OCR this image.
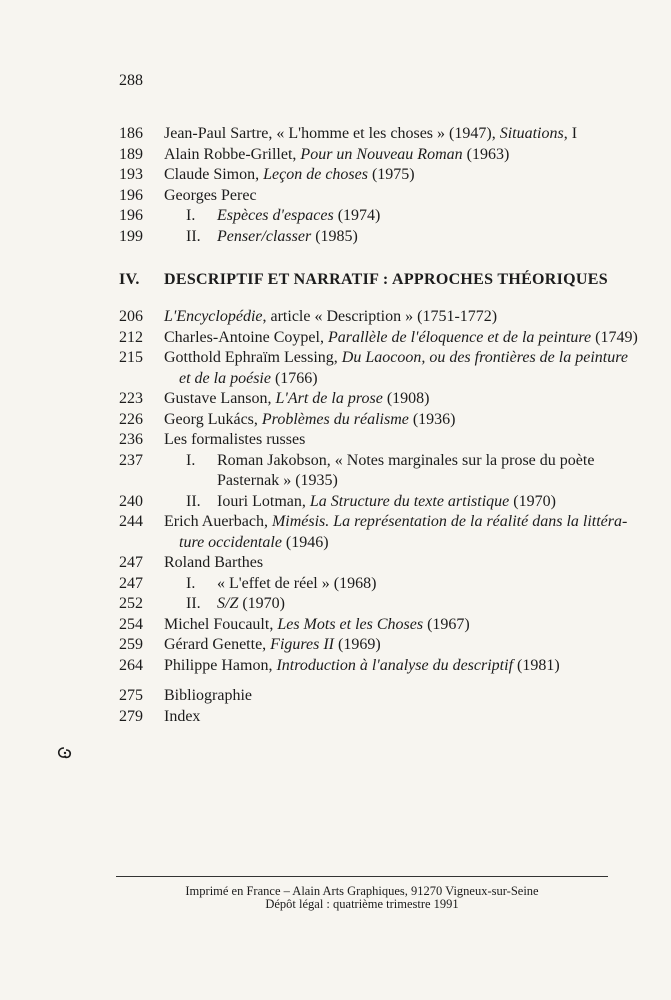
288
186	Jean-Paul Sartre, « L'homme et les choses » (1947), Situations, I
189	Alain Robbe-Grillet, Pour un Nouveau Roman (1963)
193	Claude Simon, Leçon de choses (1975)
196	Georges Perec
196	I. Espèces d'espaces (1974)
199	II. Penser/classer (1985)
IV. DESCRIPTIF ET NARRATIF : APPROCHES THÉORIQUES
206	L'Encyclopédie, article « Description » (1751-1772)
212	Charles-Antoine Coypel, Parallèle de l'éloquence et de la peinture (1749)
215	Gotthold Ephraïm Lessing, Du Laocoon, ou des frontières de la peinture
et de la poésie (1766)
223	Gustave Lanson, L'Art de la prose (1908)
226	Georg Lukács, Problèmes du réalisme (1936)
236	Les formalistes russes
237	I. Roman Jakobson, « Notes marginales sur la prose du poète
Pasternak » (1935)
240	II. Iouri Lotman, La Structure du texte artistique (1970)
244	Erich Auerbach, Mimésis. La représentation de la réalité dans la littéra-
ture occidentale (1946)
247	Roland Barthes
247	I. « L'effet de réel » (1968)
252	II. S/Z (1970)
254	Michel Foucault, Les Mots et les Choses (1967)
259	Gérard Genette, Figures II (1969)
264	Philippe Hamon, Introduction à l'analyse du descriptif (1981)
275	Bibliographie
279	Index
Imprimé en France – Alain Arts Graphiques, 91270 Vigneux-sur-Seine
Dépôt légal : quatrième trimestre 1991
